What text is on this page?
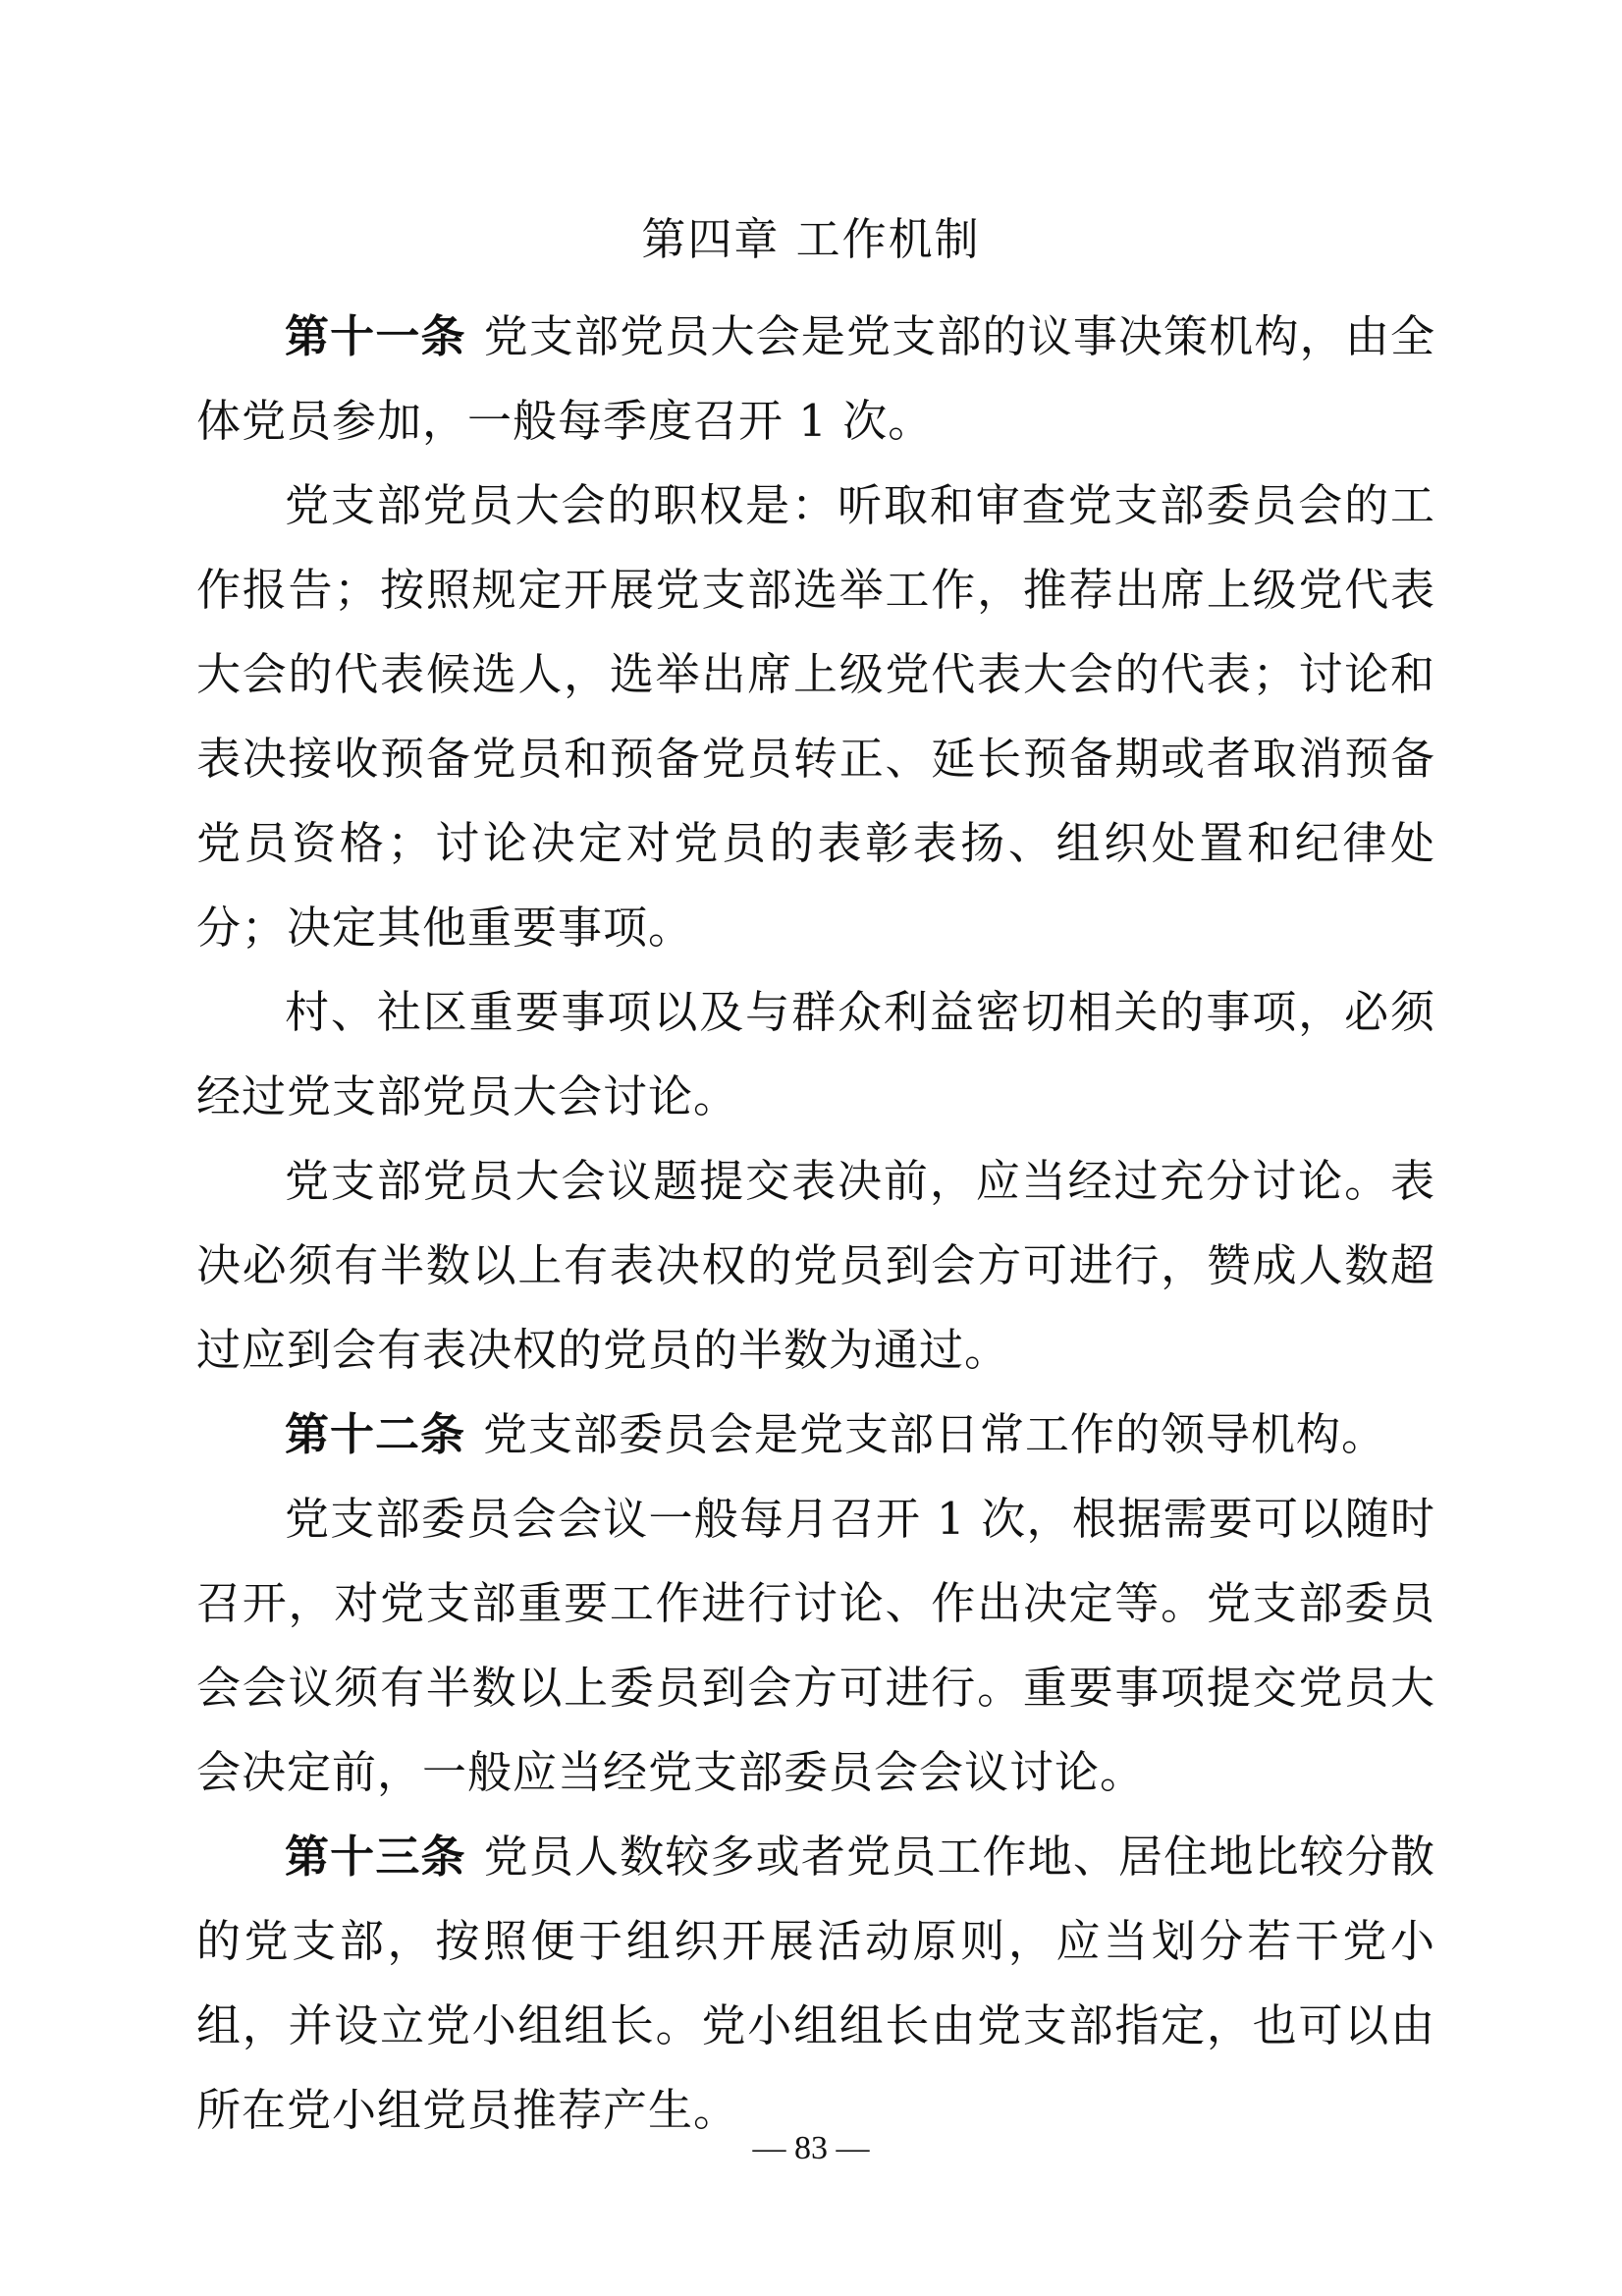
第四章 工作机制

第十一条 党支部党员大会是党支部的议事决策机构，由全体党员参加，一般每季度召开 1 次。

党支部党员大会的职权是：听取和审查党支部委员会的工作报告；按照规定开展党支部选举工作，推荐出席上级党代表大会的代表候选人，选举出席上级党代表大会的代表；讨论和表决接收预备党员和预备党员转正、延长预备期或者取消预备党员资格；讨论决定对党员的表彰表扬、组织处置和纪律处分；决定其他重要事项。

村、社区重要事项以及与群众利益密切相关的事项，必须经过党支部党员大会讨论。

党支部党员大会议题提交表决前，应当经过充分讨论。表决必须有半数以上有表决权的党员到会方可进行，赞成人数超过应到会有表决权的党员的半数为通过。

第十二条 党支部委员会是党支部日常工作的领导机构。

党支部委员会会议一般每月召开 1 次，根据需要可以随时召开，对党支部重要工作进行讨论、作出决定等。党支部委员会会议须有半数以上委员到会方可进行。重要事项提交党员大会决定前，一般应当经党支部委员会会议讨论。

第十三条 党员人数较多或者党员工作地、居住地比较分散的党支部，按照便于组织开展活动原则，应当划分若干党小组，并设立党小组组长。党小组组长由党支部指定，也可以由所在党小组党员推荐产生。

— 83 —
